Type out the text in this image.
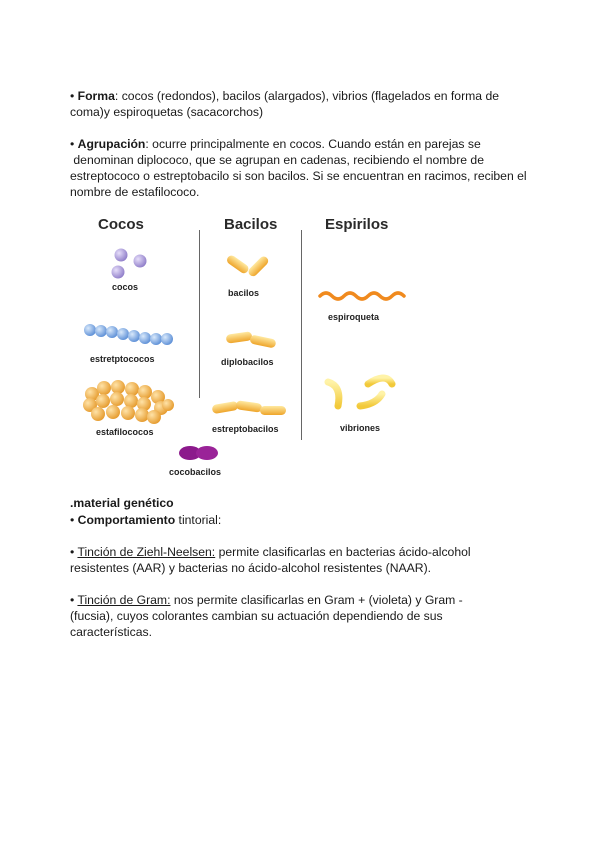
• Forma: cocos (redondos), bacilos (alargados), vibrios (flagelados en forma de
coma)y espiroquetas (sacacorchos)
• Agrupación: ocurre principalmente en cocos. Cuando están en parejas se
denominan diplococo, que se agrupan en cadenas, recibiendo el nombre de
estreptococo o estreptobacilo si son bacilos. Si se encuentran en racimos, reciben el
nombre de estafilococo.
Cocos	Bacilos	Espirilos
cocos
estretptococos
estafilococos
cocobacilos
bacilos
diplobacilos
estreptobacilos
espiroqueta
vibriones
.material genético
• Comportamiento tintorial:
• Tinción de Ziehl-Neelsen: permite clasificarlas en bacterias ácido-alcohol
resistentes (AAR) y bacterias no ácido-alcohol resistentes (NAAR).
• Tinción de Gram: nos permite clasificarlas en Gram + (violeta) y Gram -
(fucsia), cuyos colorantes cambian su actuación dependiendo de sus
características.
